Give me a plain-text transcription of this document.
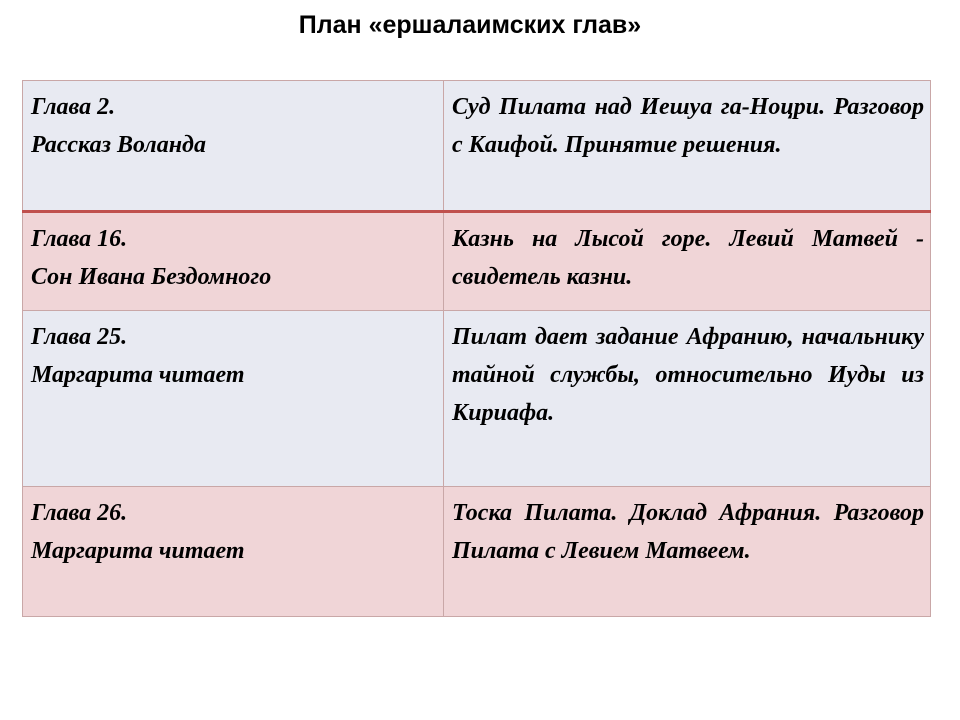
План «ершалаимских глав»
Глава 2.
Рассказ Воланда	Суд Пилата над Иешуа га-Ноцри. Разговор с Каифой. Принятие решения.

Глава 16.
Сон Ивана Бездомного	Казнь на Лысой горе. Левий Матвей - свидетель казни.

Глава 25.
Маргарита читает	Пилат дает задание Афранию, начальнику тайной службы, относительно Иуды из Кириафа.

Глава 26.
Маргарита читает	Тоска Пилата. Доклад Афрания. Разговор Пилата с Левием Матвеем.
